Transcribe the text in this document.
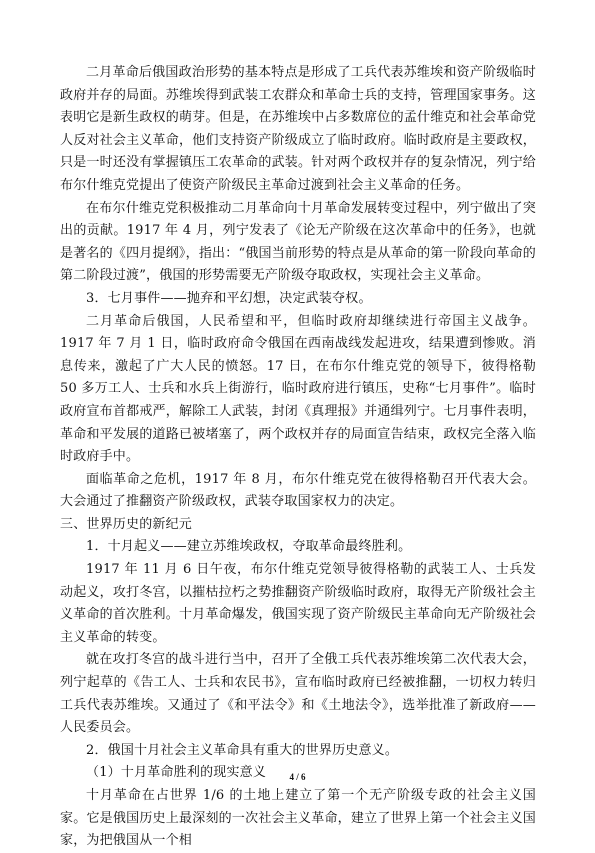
二月革命后俄国政治形势的基本特点是形成了工兵代表苏维埃和资产阶级临时政府并存的局面。苏维埃得到武装工农群众和革命士兵的支持，管理国家事务。这表明它是新生政权的萌芽。但是，在苏维埃中占多数席位的孟什维克和社会革命党人反对社会主义革命，他们支持资产阶级成立了临时政府。临时政府是主要政权，只是一时还没有掌握镇压工农革命的武装。针对两个政权并存的复杂情况，列宁给布尔什维克党提出了使资产阶级民主革命过渡到社会主义革命的任务。

在布尔什维克党积极推动二月革命向十月革命发展转变过程中，列宁做出了突出的贡献。1917 年 4 月，列宁发表了《论无产阶级在这次革命中的任务》，也就是著名的《四月提纲》，指出：“俄国当前形势的特点是从革命的第一阶段向革命的第二阶段过渡”，俄国的形势需要无产阶级夺取政权，实现社会主义革命。

3．七月事件——抛弃和平幻想，决定武装夺权。

二月革命后俄国，人民希望和平，但临时政府却继续进行帝国主义战争。1917 年 7 月 1 日，临时政府命令俄国在西南战线发起进攻，结果遭到惨败。消息传来，激起了广大人民的愤怒。17 日，在布尔什维克党的领导下，彼得格勒 50 多万工人、士兵和水兵上街游行，临时政府进行镇压，史称“七月事件”。临时政府宣布首都戒严，解除工人武装，封闭《真理报》并通缉列宁。七月事件表明，革命和平发展的道路已被堵塞了，两个政权并存的局面宣告结束，政权完全落入临时政府手中。

面临革命之危机，1917 年 8 月，布尔什维克党在彼得格勒召开代表大会。大会通过了推翻资产阶级政权，武装夺取国家权力的决定。

三、世界历史的新纪元

1．十月起义——建立苏维埃政权，夺取革命最终胜利。

1917 年 11 月 6 日午夜，布尔什维克党领导彼得格勒的武装工人、士兵发动起义，攻打冬宫，以摧枯拉朽之势推翻资产阶级临时政府，取得无产阶级社会主义革命的首次胜利。十月革命爆发，俄国实现了资产阶级民主革命向无产阶级社会主义革命的转变。

就在攻打冬宫的战斗进行当中，召开了全俄工兵代表苏维埃第二次代表大会，列宁起草的《告工人、士兵和农民书》，宣布临时政府已经被推翻，一切权力转归工兵代表苏维埃。又通过了《和平法令》和《土地法令》，选举批准了新政府——人民委员会。

2．俄国十月社会主义革命具有重大的世界历史意义。

（1）十月革命胜利的现实意义

十月革命在占世界 1/6 的土地上建立了第一个无产阶级专政的社会主义国家。它是俄国历史上最深刻的一次社会主义革命，建立了世界上第一个社会主义国家，为把俄国从一个相

4 / 6
